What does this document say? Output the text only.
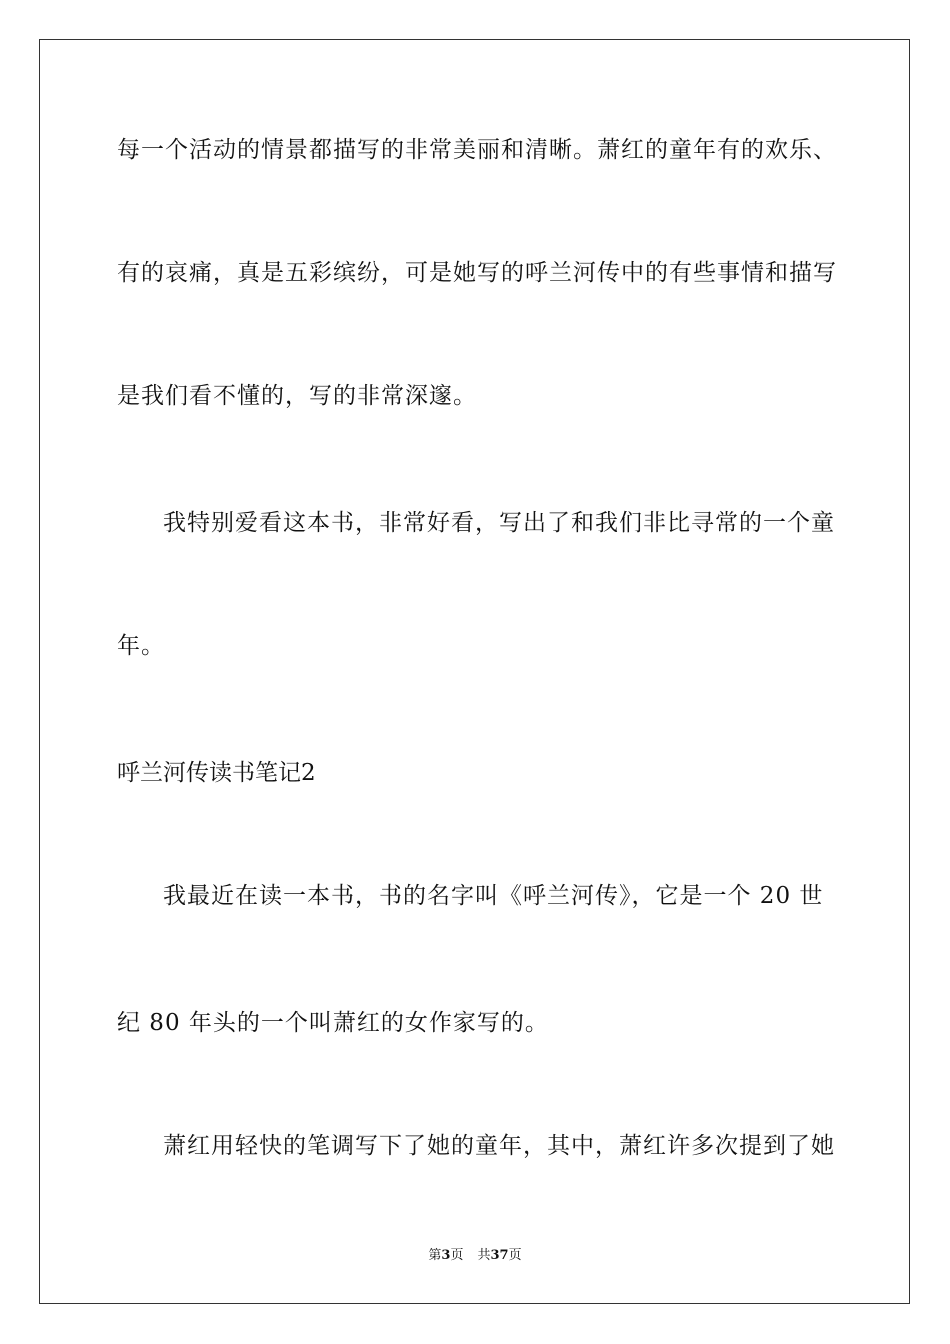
每一个活动的情景都描写的非常美丽和清晰。萧红的童年有的欢乐、
有的哀痛，真是五彩缤纷，可是她写的呼兰河传中的有些事情和描写
是我们看不懂的，写的非常深邃。
我特别爱看这本书，非常好看，写出了和我们非比寻常的一个童
年。
呼兰河传读书笔记2
我最近在读一本书，书的名字叫《呼兰河传》，它是一个 20 世
纪 80 年头的一个叫萧红的女作家写的。
萧红用轻快的笔调写下了她的童年，其中，萧红许多次提到了她
第3页 共37页
